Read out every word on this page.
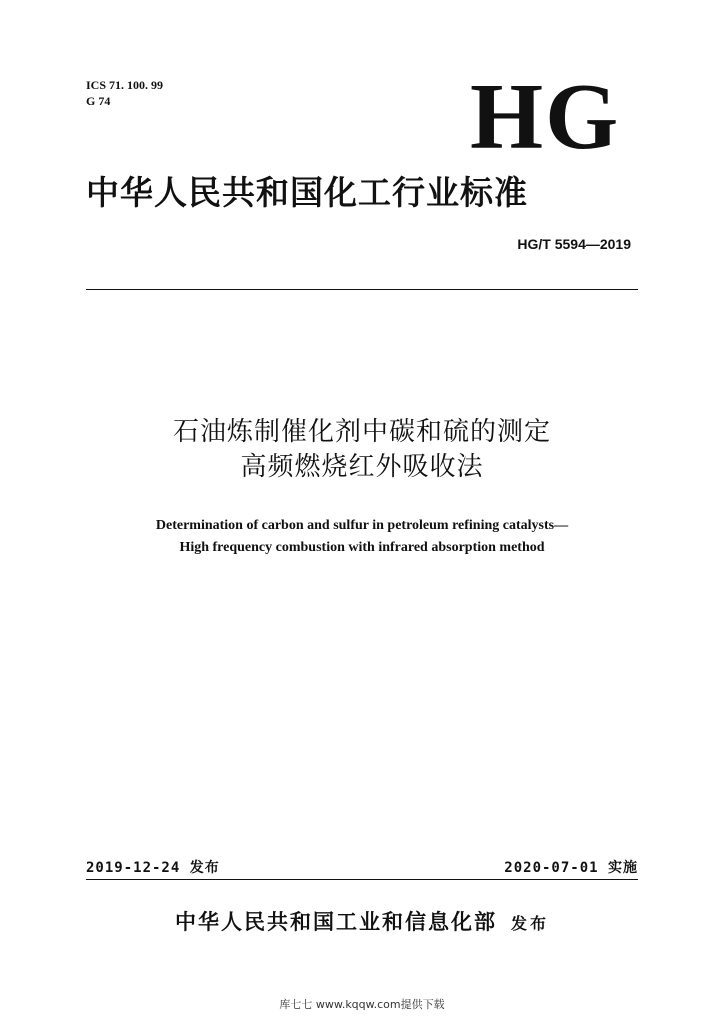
ICS 71. 100. 99
G 74	HG
中华人民共和国化工行业标准
HG/T 5594—2019
石油炼制催化剂中碳和硫的测定
高频燃烧红外吸收法
Determination of carbon and sulfur in petroleum refining catalysts—
High frequency combustion with infrared absorption method
2019-12-24 发布	2020-07-01 实施
中华人民共和国工业和信息化部 发布
库七七 www.kqqw.com提供下载
